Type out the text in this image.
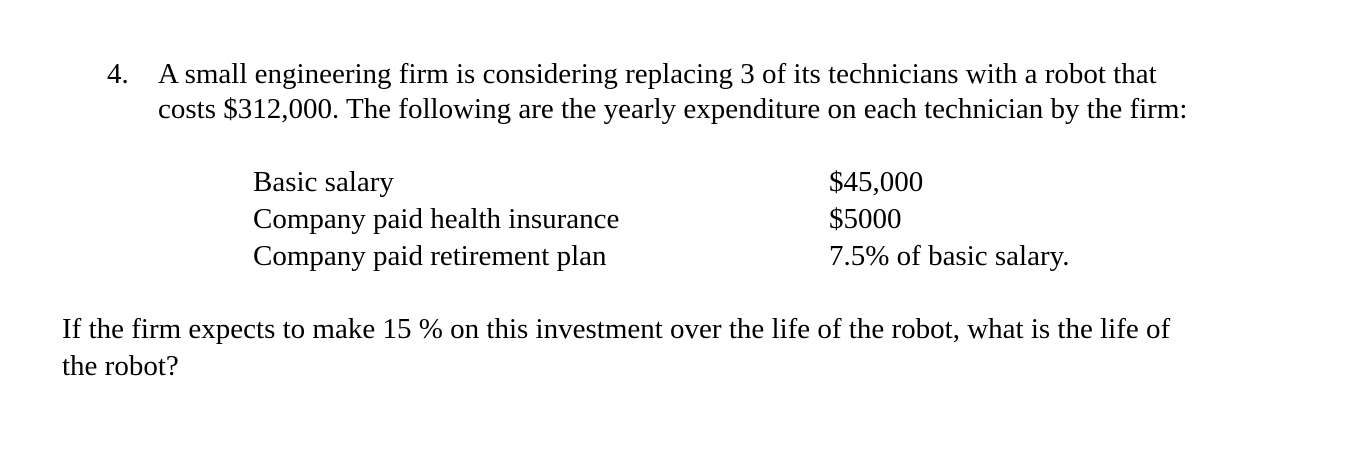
4. A small engineering firm is considering replacing 3 of its technicians with a robot that
costs $312,000. The following are the yearly expenditure on each technician by the firm:
Basic salary	$45,000
Company paid health insurance	$5000
Company paid retirement plan	7.5% of basic salary.
If the firm expects to make 15 % on this investment over the life of the robot, what is the life of
the robot?
